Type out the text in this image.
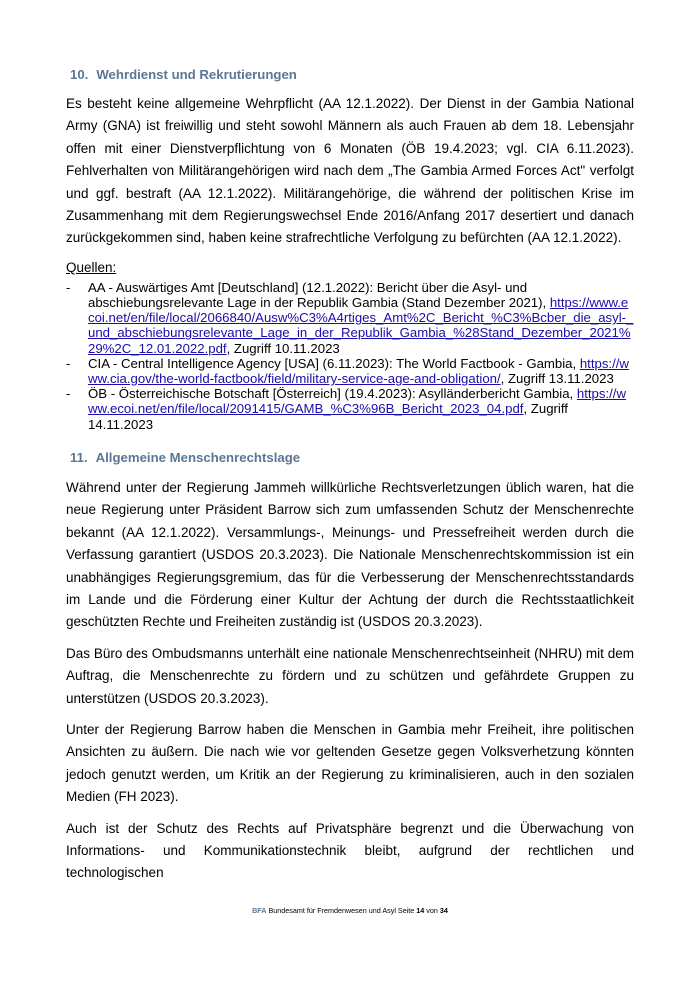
10. Wehrdienst und Rekrutierungen

Es besteht keine allgemeine Wehrpflicht (AA 12.1.2022). Der Dienst in der Gambia National Army (GNA) ist freiwillig und steht sowohl Männern als auch Frauen ab dem 18. Lebensjahr offen mit einer Dienstverpflichtung von 6 Monaten (ÖB 19.4.2023; vgl. CIA 6.11.2023). Fehlverhalten von Militärangehörigen wird nach dem „The Gambia Armed Forces Act" verfolgt und ggf. bestraft (AA 12.1.2022). Militärangehörige, die während der politischen Krise im Zusammenhang mit dem Regierungswechsel Ende 2016/Anfang 2017 desertiert und danach zurückgekommen sind, haben keine strafrechtliche Verfolgung zu befürchten (AA 12.1.2022).

Quellen:

- AA - Auswärtiges Amt [Deutschland] (12.1.2022): Bericht über die Asyl- und abschiebungsrelevante Lage in der Republik Gambia (Stand Dezember 2021), https://www.ecoi.net/en/file/local/2066840/Ausw%C3%A4rtiges_Amt%2C_Bericht_%C3%Bcber_die_asyl-_und_abschiebungsrelevante_Lage_in_der_Republik_Gambia_%28Stand_Dezember_2021%29%2C_12.01.2022.pdf, Zugriff 10.11.2023
- CIA - Central Intelligence Agency [USA] (6.11.2023): The World Factbook - Gambia, https://www.cia.gov/the-world-factbook/field/military-service-age-and-obligation/, Zugriff 13.11.2023
- ÖB - Österreichische Botschaft [Österreich] (19.4.2023): Asylländerbericht Gambia, https://www.ecoi.net/en/file/local/2091415/GAMB_%C3%96B_Bericht_2023_04.pdf, Zugriff 14.11.2023
11. Allgemeine Menschenrechtslage

Während unter der Regierung Jammeh willkürliche Rechtsverletzungen üblich waren, hat die neue Regierung unter Präsident Barrow sich zum umfassenden Schutz der Menschenrechte bekannt (AA 12.1.2022). Versammlungs-, Meinungs- und Pressefreiheit werden durch die Verfassung garantiert (USDOS 20.3.2023). Die Nationale Menschenrechtskommission ist ein unabhängiges Regierungsgremium, das für die Verbesserung der Menschenrechtsstandards im Lande und die Förderung einer Kultur der Achtung der durch die Rechtsstaatlichkeit geschützten Rechte und Freiheiten zuständig ist (USDOS 20.3.2023).

Das Büro des Ombudsmanns unterhält eine nationale Menschenrechtseinheit (NHRU) mit dem Auftrag, die Menschenrechte zu fördern und zu schützen und gefährdete Gruppen zu unterstützen (USDOS 20.3.2023).

Unter der Regierung Barrow haben die Menschen in Gambia mehr Freiheit, ihre politischen Ansichten zu äußern. Die nach wie vor geltenden Gesetze gegen Volksverhetzung könnten jedoch genutzt werden, um Kritik an der Regierung zu kriminalisieren, auch in den sozialen Medien (FH 2023).

Auch ist der Schutz des Rechts auf Privatsphäre begrenzt und die Überwachung von Informations- und Kommunikationstechnik bleibt, aufgrund der rechtlichen und technologischen

BFA Bundesamt für Fremdenwesen und Asyl Seite 14 von 34
